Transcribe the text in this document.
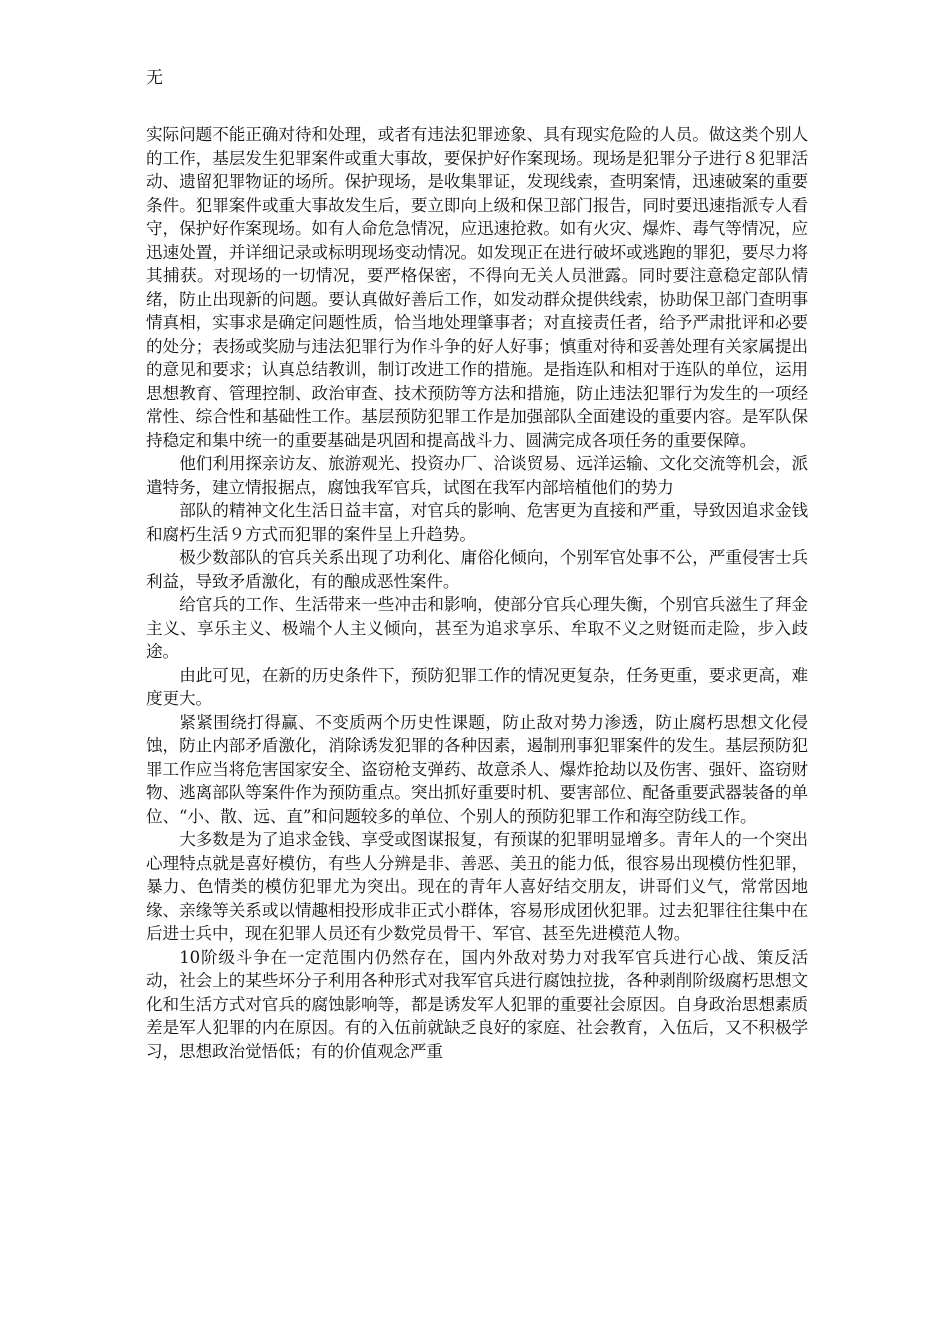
无

实际问题不能正确对待和处理，或者有违法犯罪迹象、具有现实危险的人员。做这类个别人的工作，基层发生犯罪案件或重大事故，要保护好作案现场。现场是犯罪分子进行８犯罪活动、遗留犯罪物证的场所。保护现场，是收集罪证，发现线索，查明案情，迅速破案的重要条件。犯罪案件或重大事故发生后，要立即向上级和保卫部门报告，同时要迅速指派专人看守，保护好作案现场。如有人命危急情况，应迅速抢救。如有火灾、爆炸、毒气等情况，应迅速处置，并详细记录或标明现场变动情况。如发现正在进行破坏或逃跑的罪犯，要尽力将其捕获。对现场的一切情况，要严格保密，不得向无关人员泄露。同时要注意稳定部队情绪，防止出现新的问题。要认真做好善后工作，如发动群众提供线索，协助保卫部门查明事情真相，实事求是确定问题性质，恰当地处理肇事者；对直接责任者，给予严肃批评和必要的处分；表扬或奖励与违法犯罪行为作斗争的好人好事；慎重对待和妥善处理有关家属提出的意见和要求；认真总结教训，制订改进工作的措施。是指连队和相对于连队的单位，运用思想教育、管理控制、政治审查、技术预防等方法和措施，防止违法犯罪行为发生的一项经常性、综合性和基础性工作。基层预防犯罪工作是加强部队全面建设的重要内容。是军队保持稳定和集中统一的重要基础是巩固和提高战斗力、圆满完成各项任务的重要保障。

他们利用探亲访友、旅游观光、投资办厂、洽谈贸易、远洋运输、文化交流等机会，派遣特务，建立情报据点，腐蚀我军官兵，试图在我军内部培植他们的势力

部队的精神文化生活日益丰富，对官兵的影响、危害更为直接和严重，导致因追求金钱和腐朽生活９方式而犯罪的案件呈上升趋势。

极少数部队的官兵关系出现了功利化、庸俗化倾向，个别军官处事不公，严重侵害士兵利益，导致矛盾激化，有的酿成恶性案件。

给官兵的工作、生活带来一些冲击和影响，使部分官兵心理失衡，个别官兵滋生了拜金主义、享乐主义、极端个人主义倾向，甚至为追求享乐、牟取不义之财铤而走险，步入歧途。

由此可见，在新的历史条件下，预防犯罪工作的情况更复杂，任务更重，要求更高，难度更大。

紧紧围绕打得赢、不变质两个历史性课题，防止敌对势力渗透，防止腐朽思想文化侵蚀，防止内部矛盾激化，消除诱发犯罪的各种因素，遏制刑事犯罪案件的发生。基层预防犯罪工作应当将危害国家安全、盗窃枪支弹药、故意杀人、爆炸抢劫以及伤害、强奸、盗窃财物、逃离部队等案件作为预防重点。突出抓好重要时机、要害部位、配备重要武器装备的单位、“小、散、远、直”和问题较多的单位、个别人的预防犯罪工作和海空防线工作。

大多数是为了追求金钱、享受或图谋报复，有预谋的犯罪明显增多。青年人的一个突出心理特点就是喜好模仿，有些人分辨是非、善恶、美丑的能力低，很容易出现模仿性犯罪，暴力、色情类的模仿犯罪尤为突出。现在的青年人喜好结交朋友，讲哥们义气，常常因地缘、亲缘等关系或以情趣相投形成非正式小群体，容易形成团伙犯罪。过去犯罪往往集中在后进士兵中，现在犯罪人员还有少数党员骨干、军官、甚至先进模范人物。

10阶级斗争在一定范围内仍然存在，国内外敌对势力对我军官兵进行心战、策反活动，社会上的某些坏分子利用各种形式对我军官兵进行腐蚀拉拢，各种剥削阶级腐朽思想文化和生活方式对官兵的腐蚀影响等，都是诱发军人犯罪的重要社会原因。自身政治思想素质差是军人犯罪的内在原因。有的入伍前就缺乏良好的家庭、社会教育，入伍后，又不积极学习，思想政治觉悟低；有的价值观念严重
